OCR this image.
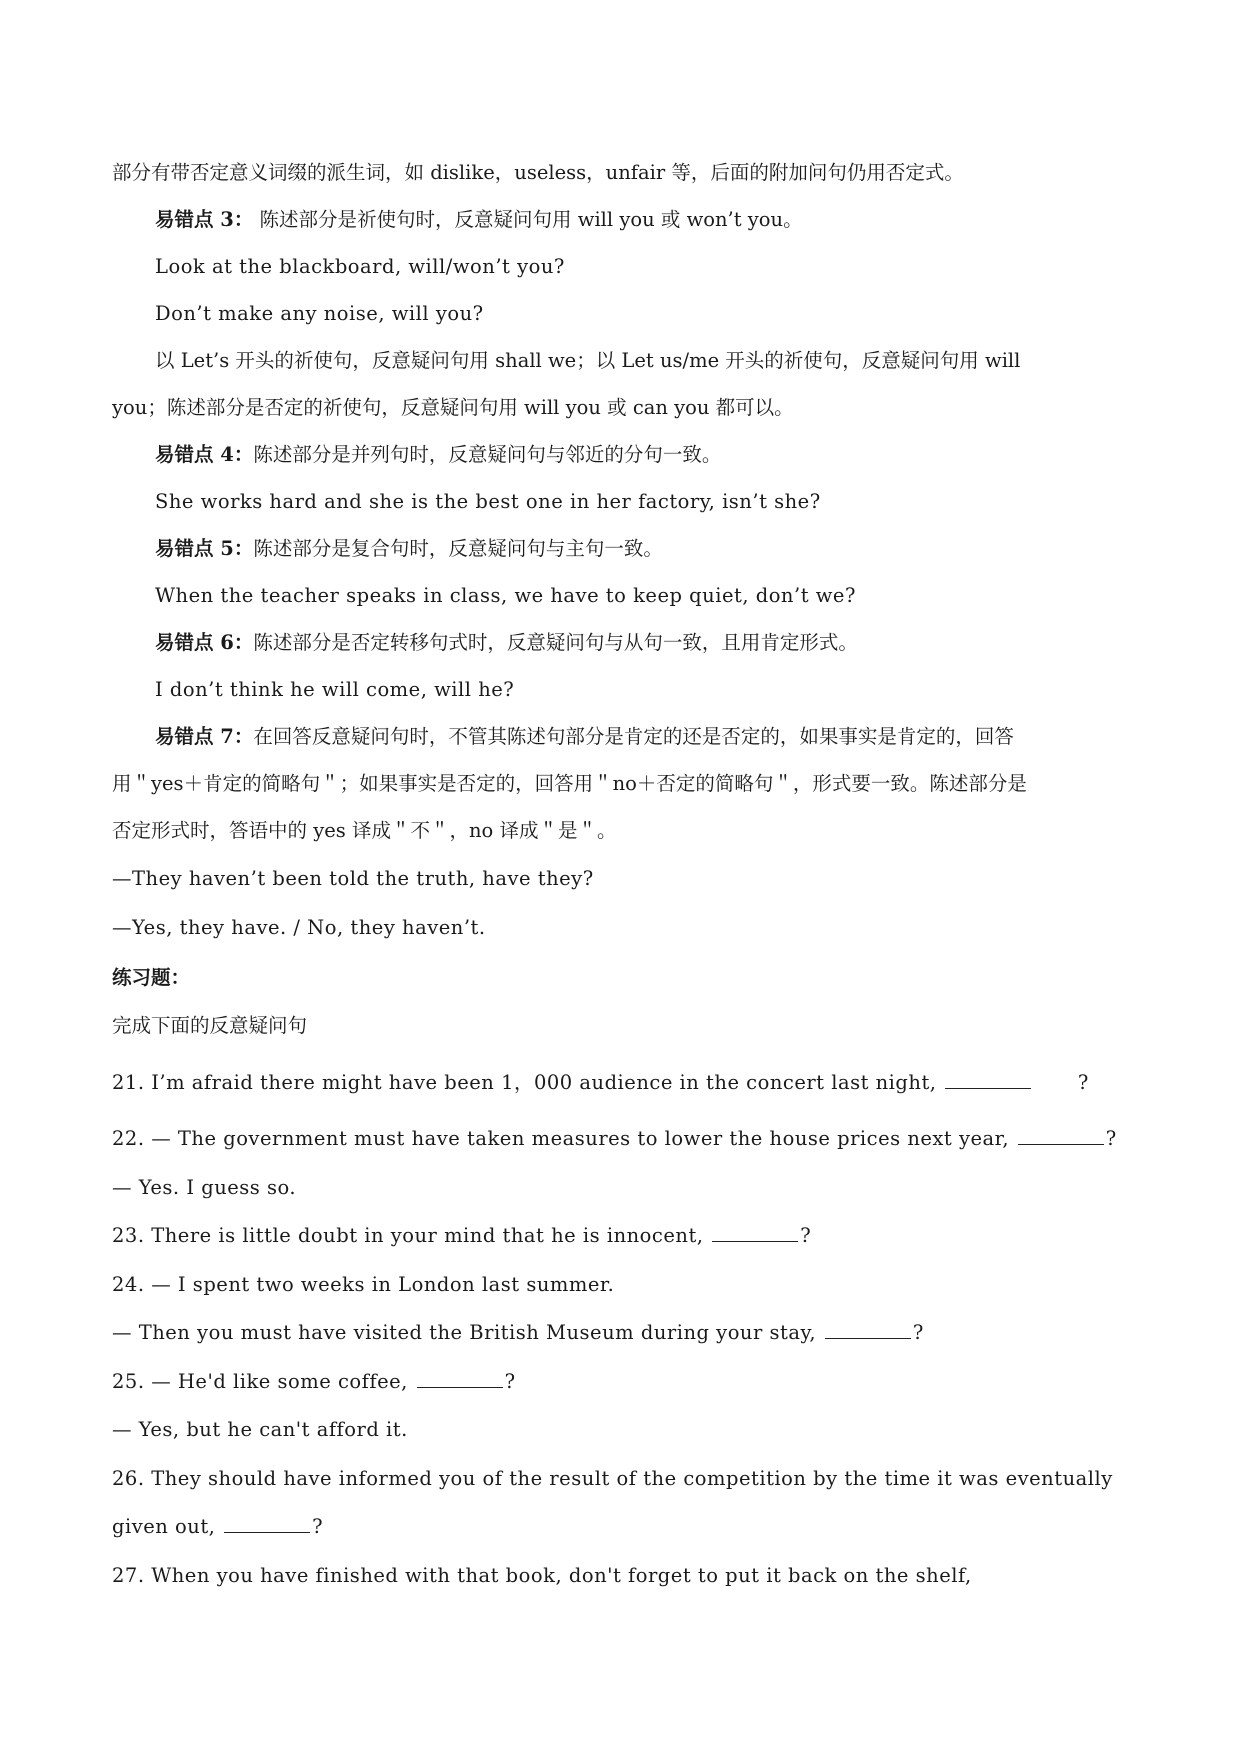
部分有带否定意义词缀的派生词，如 dislike，useless，unfair 等，后面的附加问句仍用否定式。
易错点 3： 陈述部分是祈使句时，反意疑问句用 will you 或 won’t you。
Look at the blackboard, will/won’t you?
Don’t make any noise, will you?
以 Let’s 开头的祈使句，反意疑问句用 shall we；以 Let us/me 开头的祈使句，反意疑问句用 will
you；陈述部分是否定的祈使句，反意疑问句用 will you 或 can you 都可以。
易错点 4：陈述部分是并列句时，反意疑问句与邻近的分句一致。
She works hard and she is the best one in her factory, isn’t she?
易错点 5：陈述部分是复合句时，反意疑问句与主句一致。
When the teacher speaks in class, we have to keep quiet, don’t we?
易错点 6：陈述部分是否定转移句式时，反意疑问句与从句一致，且用肯定形式。
I don’t think he will come, will he?
易错点 7：在回答反意疑问句时，不管其陈述句部分是肯定的还是否定的，如果事实是肯定的，回答
用＂yes＋肯定的简略句＂；如果事实是否定的，回答用＂no＋否定的简略句＂，形式要一致。陈述部分是
否定形式时，答语中的 yes 译成＂不＂，no 译成＂是＂。
—They haven’t been told the truth, have they?
—Yes, they have. / No, they haven’t.
练习题：
完成下面的反意疑问句
21. I’m afraid there might have been 1，000 audience in the concert last night,	?
22. — The government must have taken measures to lower the house prices next year,	?
— Yes. I guess so.
23. There is little doubt in your mind that he is innocent,	?
24. — I spent two weeks in London last summer.
— Then you must have visited the British Museum during your stay,	?
25. — He'd like some coffee,	?
— Yes, but he can't afford it.
26. They should have informed you of the result of the competition by the time it was eventually
given out,	?
27. When you have finished with that book, don't forget to put it back on the shelf,
